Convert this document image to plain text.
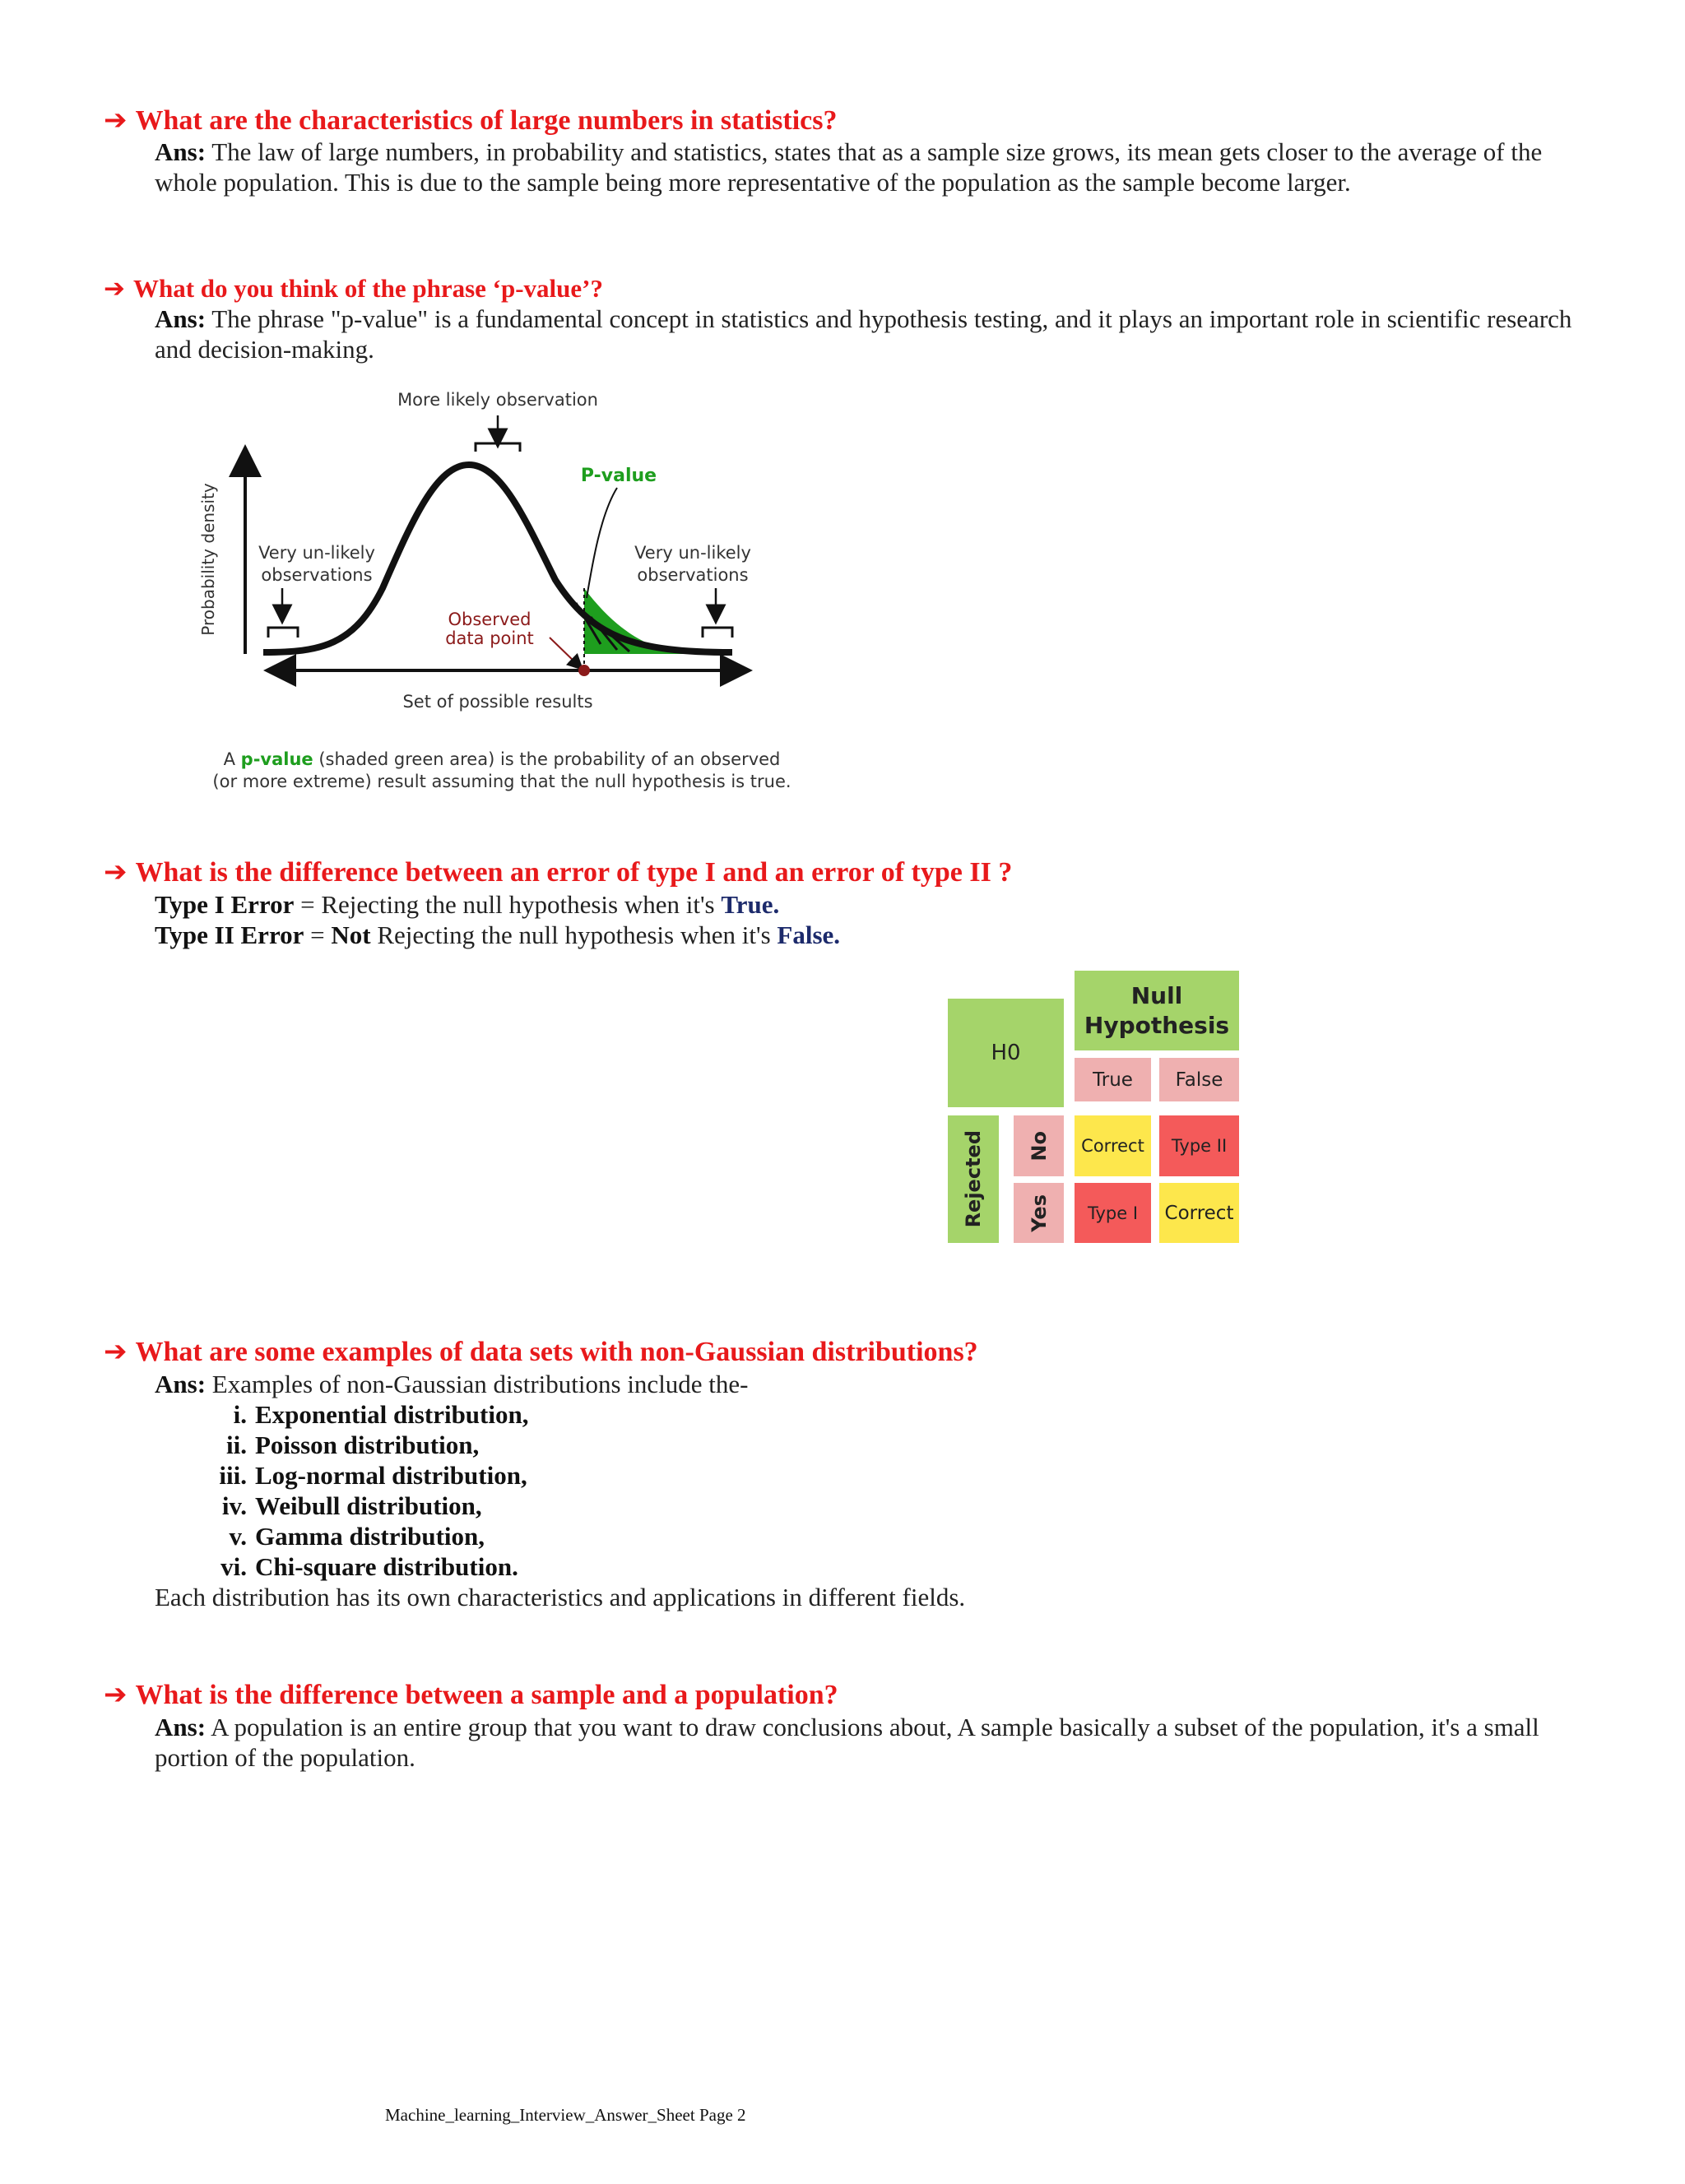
➔ What are the characteristics of large numbers in statistics?
Ans: The law of large numbers, in probability and statistics, states that as a sample size grows, its mean gets closer to the average of the whole population. This is due to the sample being more representative of the population as the sample become larger.
➔ What do you think of the phrase ‘p-value’?
Ans: The phrase "p-value" is a fundamental concept in statistics and hypothesis testing, and it plays an important role in scientific research and decision-making.
Probability density
Set of possible results
More likely observation
P-value
Very un-likely
observations
Very un-likely
observations
Observed
data point
A p-value (shaded green area) is the probability of an observed
(or more extreme) result assuming that the null hypothesis is true.
➔ What is the difference between an error of type I and an error of type II ?
Type I Error = Rejecting the null hypothesis when it's True.
Type II Error = Not Rejecting the null hypothesis when it's False.
Null Hypothesis
H0
True False
Rejected No
Yes
Correct Type II
Type I Correct
➔ What are some examples of data sets with non-Gaussian distributions?
Ans: Examples of non-Gaussian distributions include the-
i. Exponential distribution,
ii. Poisson distribution,
iii. Log-normal distribution,
iv. Weibull distribution,
v. Gamma distribution,
vi. Chi-square distribution.
Each distribution has its own characteristics and applications in different fields.
➔ What is the difference between a sample and a population?
Ans: A population is an entire group that you want to draw conclusions about, A sample basically a subset of the population, it's a small portion of the population.
Machine_learning_Interview_Answer_Sheet Page 2
